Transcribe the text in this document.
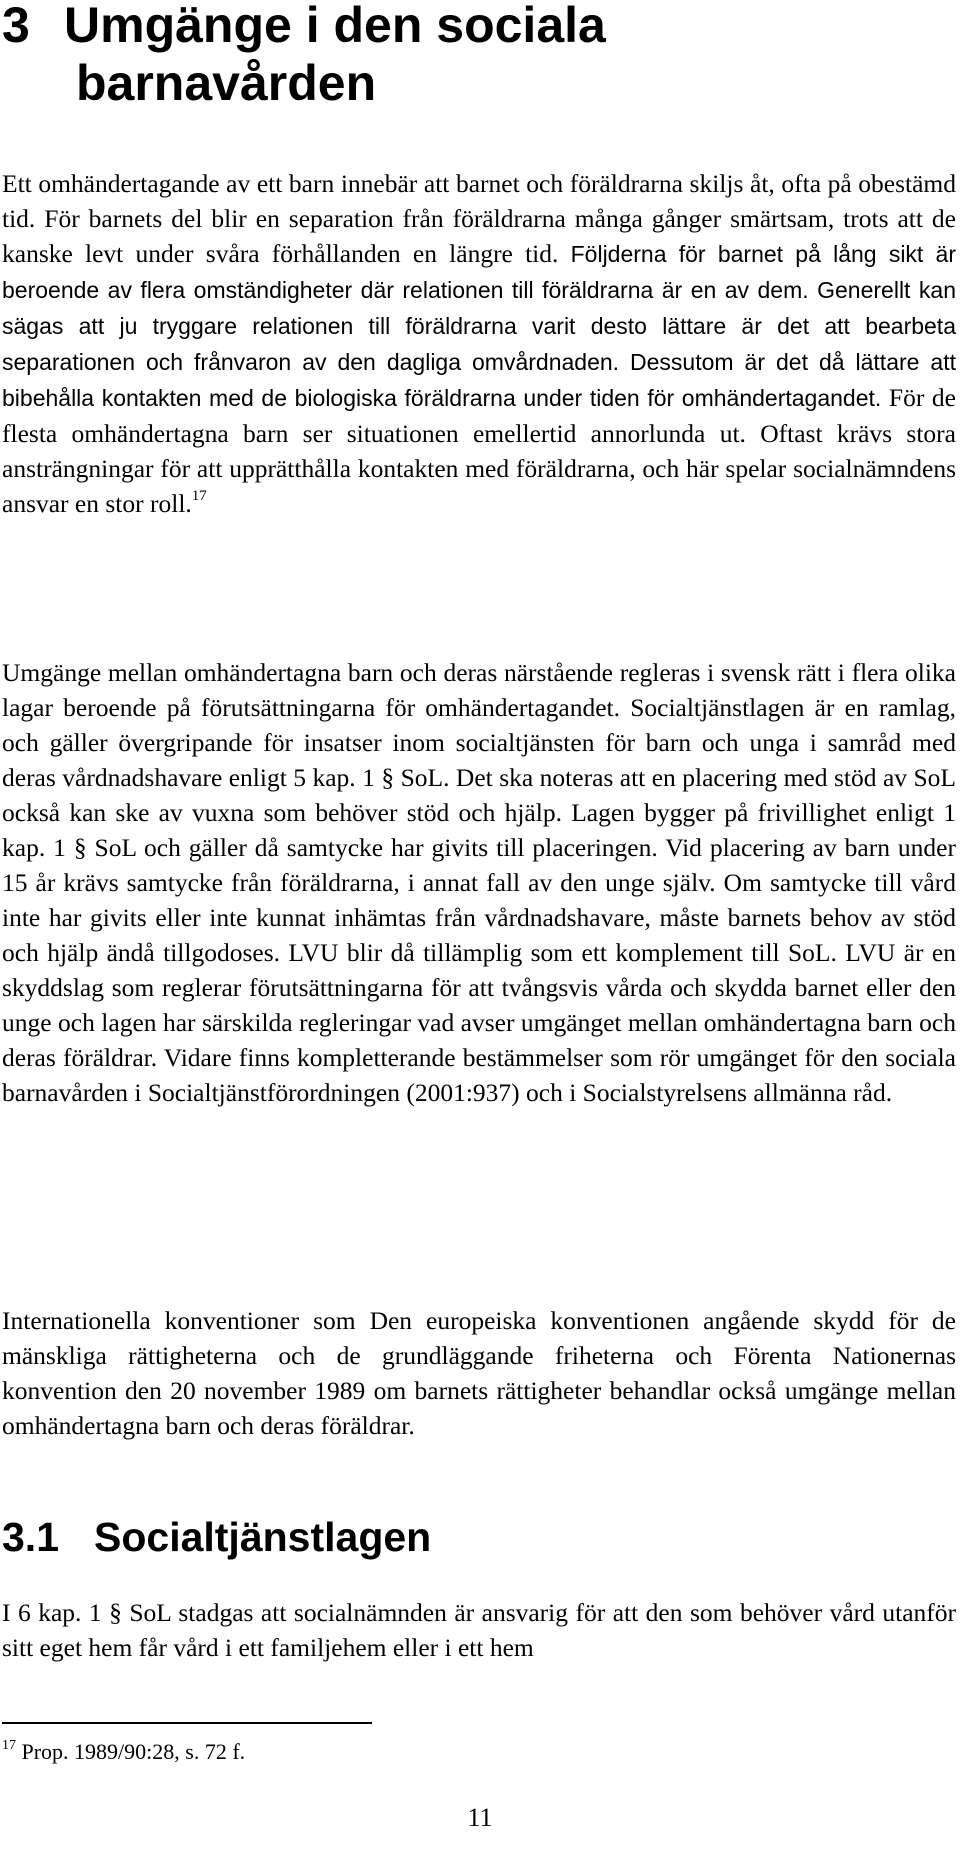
3 Umgänge i den sociala
barnavården

Ett omhändertagande av ett barn innebär att barnet och föräldrarna skiljs åt, ofta på obestämd tid. För barnets del blir en separation från föräldrarna många gånger smärtsam, trots att de kanske levt under svåra förhållanden en längre tid. Följderna för barnet på lång sikt är beroende av flera omständigheter där relationen till föräldrarna är en av dem. Generellt kan sägas att ju tryggare relationen till föräldrarna varit desto lättare är det att bearbeta separationen och frånvaron av den dagliga omvårdnaden. Dessutom är det då lättare att bibehålla kontakten med de biologiska föräldrarna under tiden för omhändertagandet. För de flesta omhändertagna barn ser situationen emellertid annorlunda ut. Oftast krävs stora ansträngningar för att upprätthålla kontakten med föräldrarna, och här spelar socialnämndens ansvar en stor roll.$^{17}$

Umgänge mellan omhändertagna barn och deras närstående regleras i svensk rätt i flera olika lagar beroende på förutsättningarna för omhändertagandet. Socialtjänstlagen är en ramlag, och gäller övergripande för insatser inom socialtjänsten för barn och unga i samråd med deras vårdnadshavare enligt 5 kap. 1 § SoL. Det ska noteras att en placering med stöd av SoL också kan ske av vuxna som behöver stöd och hjälp. Lagen bygger på frivillighet enligt 1 kap. 1 § SoL och gäller då samtycke har givits till placeringen. Vid placering av barn under 15 år krävs samtycke från föräldrarna, i annat fall av den unge själv. Om samtycke till vård inte har givits eller inte kunnat inhämtas från vårdnadshavare, måste barnets behov av stöd och hjälp ändå tillgodoses. LVU blir då tillämplig som ett komplement till SoL. LVU är en skyddslag som reglerar förutsättningarna för att tvångsvis vårda och skydda barnet eller den unge och lagen har särskilda regleringar vad avser umgänget mellan omhändertagna barn och deras föräldrar. Vidare finns kompletterande bestämmelser som rör umgänget för den sociala barnavården i Socialtjänstförordningen (2001:937) och i Socialstyrelsens allmänna råd.

Internationella konventioner som Den europeiska konventionen angående skydd för de mänskliga rättigheterna och de grundläggande friheterna och Förenta Nationernas konvention den 20 november 1989 om barnets rättigheter behandlar också umgänge mellan omhändertagna barn och deras föräldrar.

3.1 Socialtjänstlagen

I 6 kap. 1 § SoL stadgas att socialnämnden är ansvarig för att den som behöver vård utanför sitt eget hem får vård i ett familjehem eller i ett hem

$^{17}$ Prop. 1989/90:28, s. 72 f.
11
